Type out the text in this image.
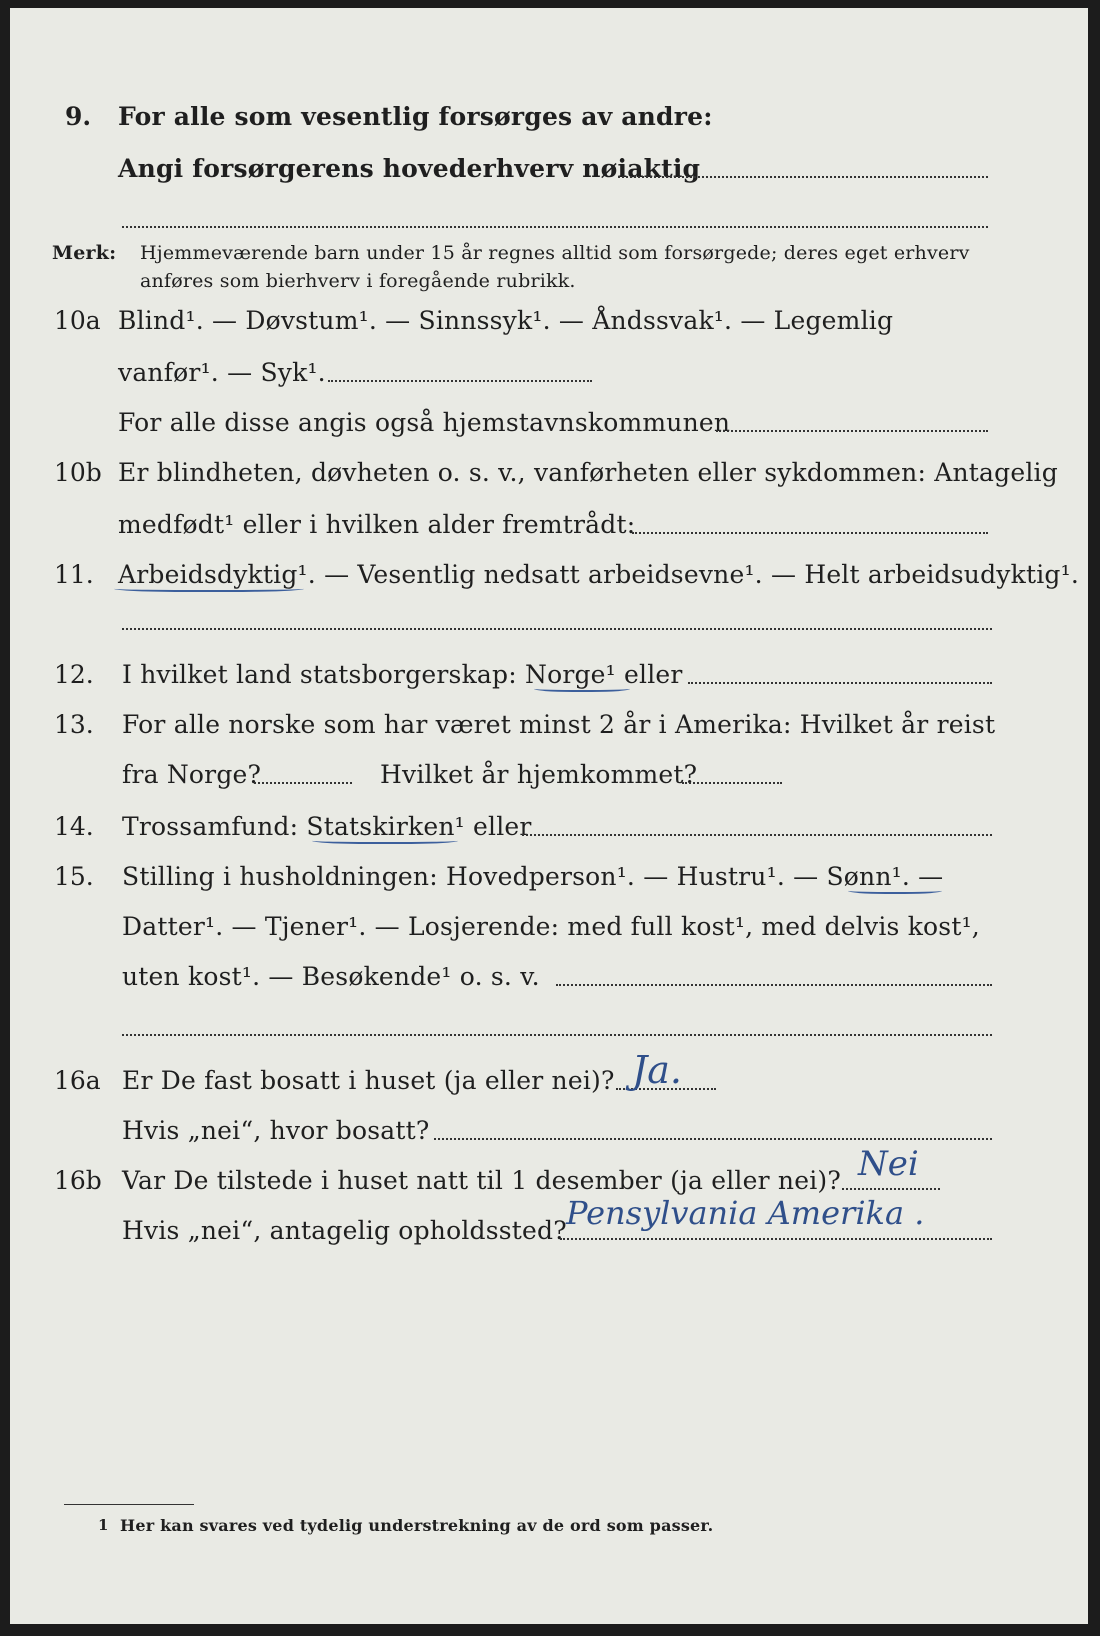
9. For alle som vesentlig forsørges av andre:
Angi forsørgerens hovederhverv nøiaktig
Merk: Hjemmeværende barn under 15 år regnes alltid som forsørgede; deres eget erhverv
anføres som bierhverv i foregående rubrikk.
10a Blind¹. — Døvstum¹. — Sinnssyk¹. — Åndssvak¹. — Legemlig
vanfør¹. — Syk¹.
For alle disse angis også hjemstavnskommunen
10b Er blindheten, døvheten o. s. v., vanførheten eller sykdommen: Antagelig
medfødt¹ eller i hvilken alder fremtrådt:
11. Arbeidsdyktig¹. — Vesentlig nedsatt arbeidsevne¹. — Helt arbeidsudyktig¹.
12. I hvilket land statsborgerskap: Norge¹ eller
13. For alle norske som har været minst 2 år i Amerika: Hvilket år reist
fra Norge?	Hvilket år hjemkommet?
14. Trossamfund: Statskirken¹ eller
15. Stilling i husholdningen: Hovedperson¹. — Hustru¹. — Sønn¹. —
Datter¹. — Tjener¹. — Losjerende: med full kost¹, med delvis kost¹,
uten kost¹. — Besøkende¹ o. s. v.
16a Er De fast bosatt i huset (ja eller nei)? Ja.
Hvis „nei“, hvor bosatt?
16b Var De tilstede i huset natt til 1 desember (ja eller nei)? Nei
Hvis „nei“, antagelig opholdssted? Pensylvania Amerika .
1 Her kan svares ved tydelig understrekning av de ord som passer.
